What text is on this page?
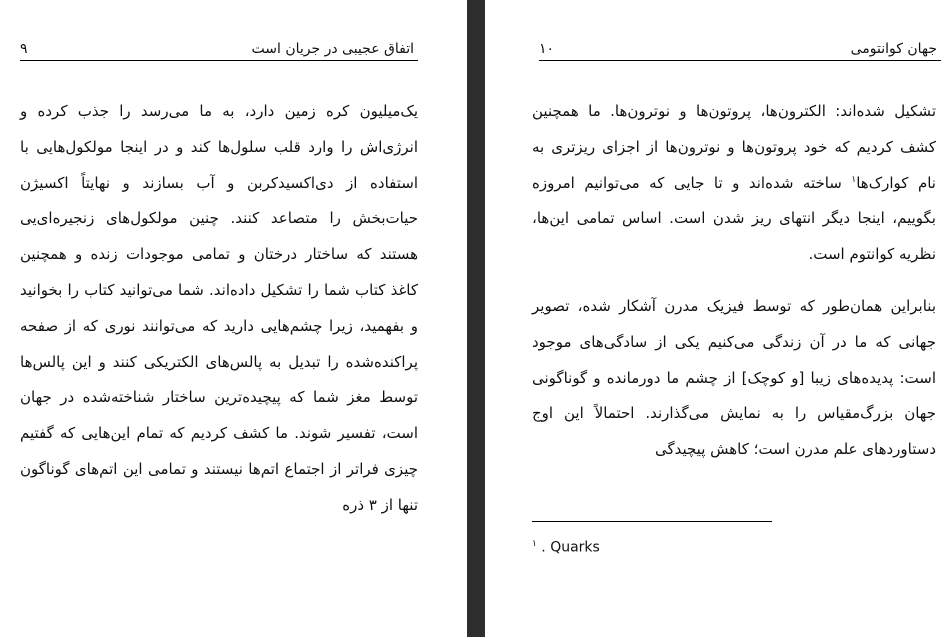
اتفاق عجیبی در جریان است
۹

یک‌میلیون کره زمین دارد، به ما می‌رسد را جذب کرده و انرژی‌اش را وارد قلب سلول‌ها کند و در اینجا مولکول‌هایی با استفاده از دی‌اکسیدکربن و آب بسازند و نهایتاً اکسیژن حیات‌بخش را متصاعد کنند. چنین مولکول‌های زنجیره‌ای‌یی هستند که ساختار درختان و تمامی موجودات زنده و همچنین کاغذ کتاب شما را تشکیل داده‌اند. شما می‌توانید کتاب را بخوانید و بفهمید، زیرا چشم‌هایی دارید که می‌توانند نوری که از صفحه پراکنده‌شده را تبدیل به پالس‌های الکتریکی کنند و این پالس‌ها توسط مغز شما که پیچیده‌ترین ساختار شناخته‌شده در جهان است، تفسیر شوند. ما کشف کردیم که تمام این‌هایی که گفتیم چیزی فراتر از اجتماع اتم‌ها نیستند و تمامی این اتم‌های گوناگون تنها از ۳ ذره

جهان کوانتومی
۱۰

تشکیل شده‌اند: الکترون‌ها، پروتون‌ها و نوترون‌ها. ما همچنین کشف کردیم که خود پروتون‌ها و نوترون‌ها از اجزای ریزتری به نام کوارک‌ها$^۱$ ساخته شده‌اند و تا جایی که می‌توانیم امروزه بگوییم، اینجا دیگر انتهای ریز شدن است. اساس تمامی این‌ها، نظریه کوانتوم است.

بنابراین همان‌طور که توسط فیزیک مدرن آشکار شده، تصویر جهانی که ما در آن زندگی می‌کنیم یکی از سادگی‌های موجود است: پدیده‌های زیبا [و کوچک] از چشم ما دورمانده و گوناگونی جهان بزرگ‌مقیاس را به نمایش می‌گذارند. احتمالاً این اوج دستاوردهای علم مدرن است؛ کاهش پیچیدگی

$^۱$ . Quarks
